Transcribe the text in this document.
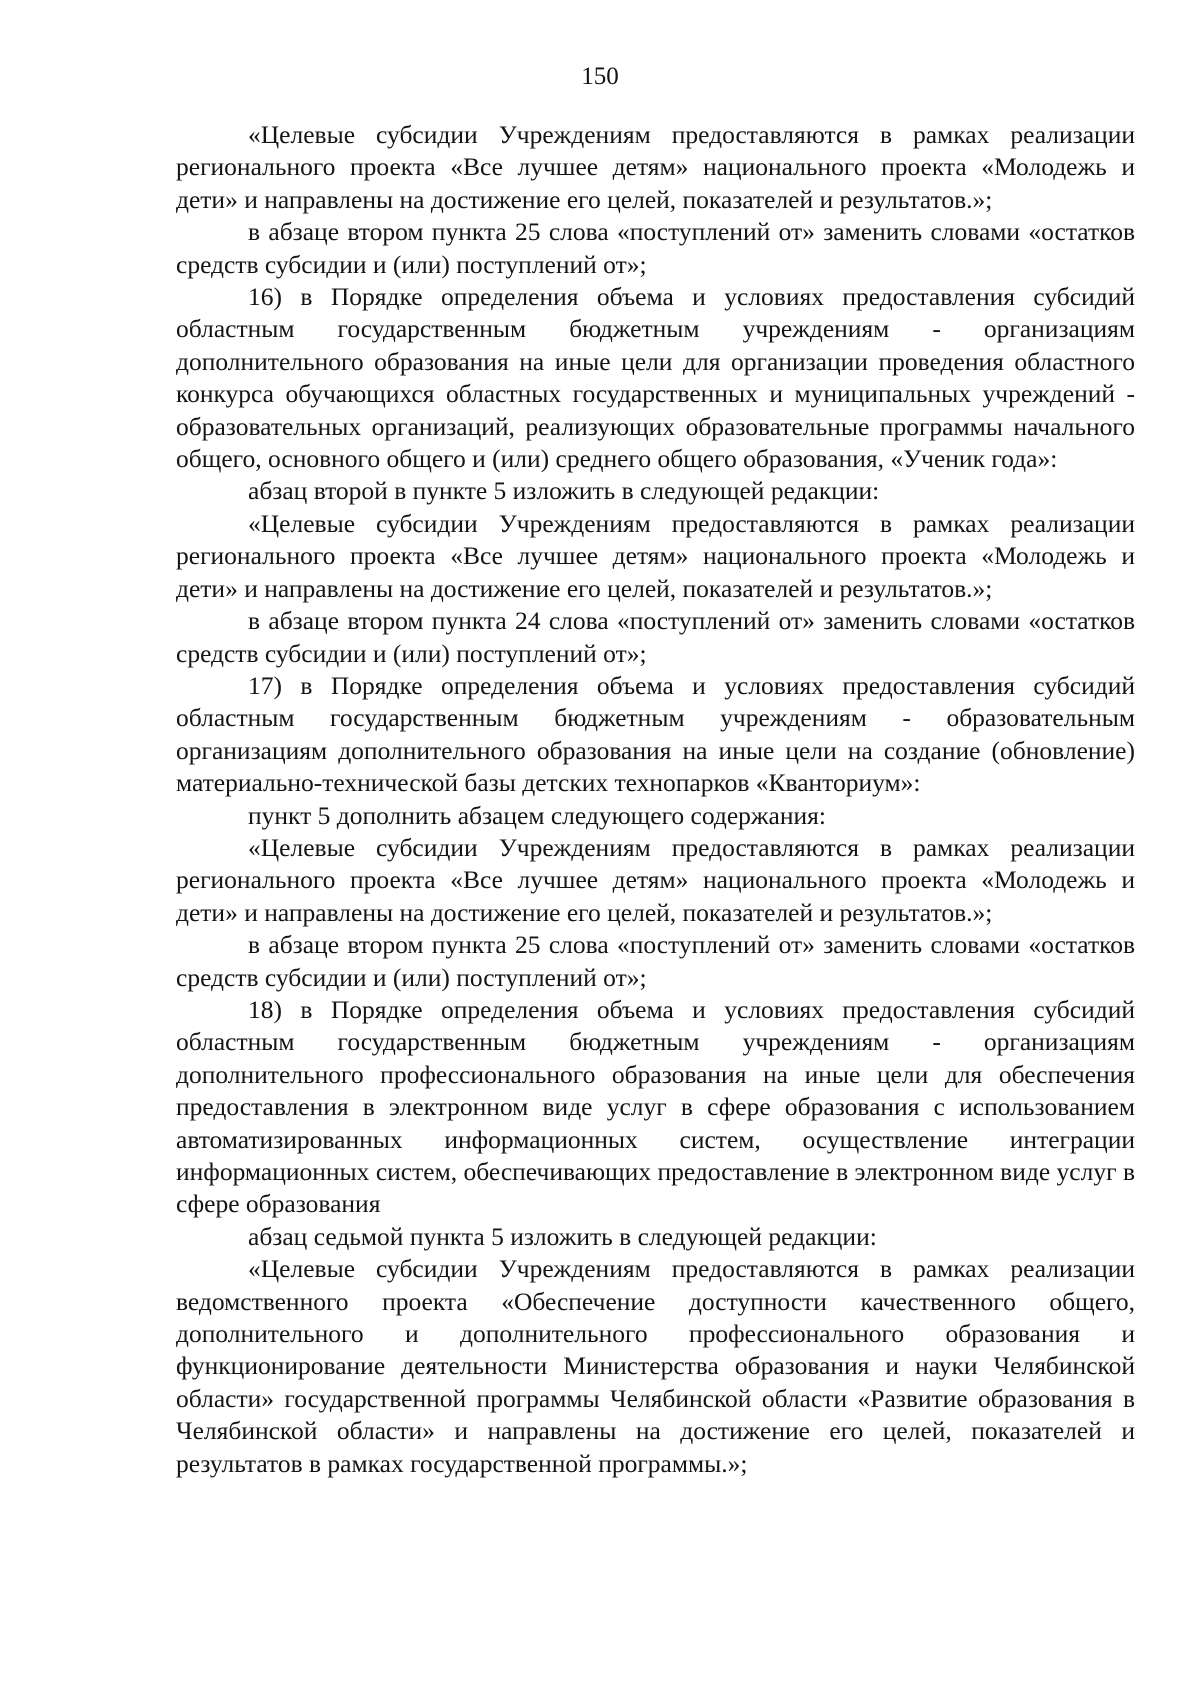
150

«Целевые субсидии Учреждениям предоставляются в рамках реализации регионального проекта «Все лучшее детям» национального проекта «Молодежь и дети» и направлены на достижение его целей, показателей и результатов.»;

в абзаце втором пункта 25 слова «поступлений от» заменить словами «остатков средств субсидии и (или) поступлений от»;

16) в Порядке определения объема и условиях предоставления субсидий областным государственным бюджетным учреждениям - организациям дополнительного образования на иные цели для организации проведения областного конкурса обучающихся областных государственных и муниципальных учреждений - образовательных организаций, реализующих образовательные программы начального общего, основного общего и (или) среднего общего образования, «Ученик года»:

абзац второй в пункте 5 изложить в следующей редакции:

«Целевые субсидии Учреждениям предоставляются в рамках реализации регионального проекта «Все лучшее детям» национального проекта «Молодежь и дети» и направлены на достижение его целей, показателей и результатов.»;

в абзаце втором пункта 24 слова «поступлений от» заменить словами «остатков средств субсидии и (или) поступлений от»;

17) в Порядке определения объема и условиях предоставления субсидий областным государственным бюджетным учреждениям - образовательным организациям дополнительного образования на иные цели на создание (обновление) материально-технической базы детских технопарков «Кванториум»:

пункт 5 дополнить абзацем следующего содержания:

«Целевые субсидии Учреждениям предоставляются в рамках реализации регионального проекта «Все лучшее детям» национального проекта «Молодежь и дети» и направлены на достижение его целей, показателей и результатов.»;

в абзаце втором пункта 25 слова «поступлений от» заменить словами «остатков средств субсидии и (или) поступлений от»;

18) в Порядке определения объема и условиях предоставления субсидий областным государственным бюджетным учреждениям - организациям дополнительного профессионального образования на иные цели для обеспечения предоставления в электронном виде услуг в сфере образования с использованием автоматизированных информационных систем, осуществление интеграции информационных систем, обеспечивающих предоставление в электронном виде услуг в сфере образования

абзац седьмой пункта 5 изложить в следующей редакции:

«Целевые субсидии Учреждениям предоставляются в рамках реализации ведомственного проекта «Обеспечение доступности качественного общего, дополнительного и дополнительного профессионального образования и функционирование деятельности Министерства образования и науки Челябинской области» государственной программы Челябинской области «Развитие образования в Челябинской области» и направлены на достижение его целей, показателей и результатов в рамках государственной программы.»;
